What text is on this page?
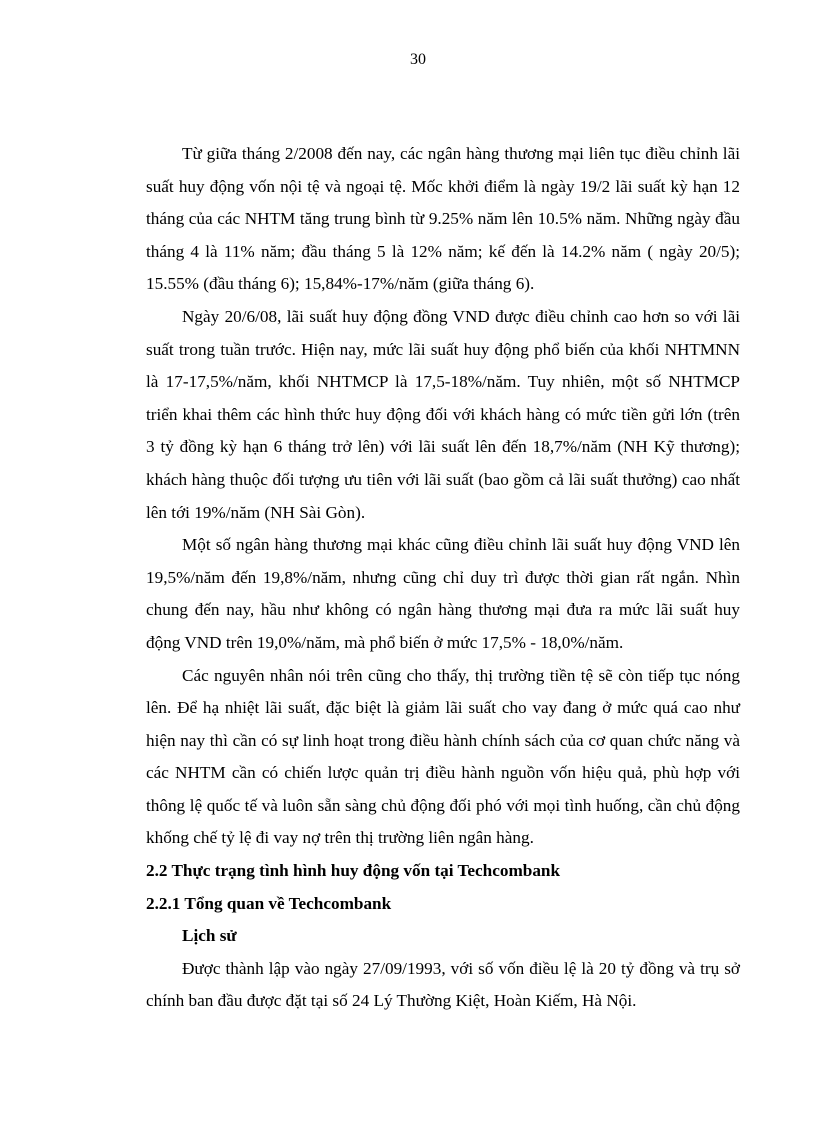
30

Từ giữa tháng 2/2008 đến nay, các ngân hàng thương mại liên tục điều chỉnh lãi suất huy động vốn nội tệ và ngoại tệ. Mốc khởi điểm là ngày 19/2 lãi suất kỳ hạn 12 tháng của các NHTM tăng trung bình từ 9.25% năm lên 10.5% năm. Những ngày đầu tháng 4 là 11% năm; đầu tháng 5 là 12% năm; kế đến là 14.2% năm ( ngày 20/5); 15.55% (đầu tháng 6); 15,84%-17%/năm (giữa tháng 6).

Ngày 20/6/08, lãi suất huy động đồng VND được điều chỉnh cao hơn so với lãi suất trong tuần trước. Hiện nay, mức lãi suất huy động phổ biến của khối NHTMNN là 17-17,5%/năm, khối NHTMCP là 17,5-18%/năm. Tuy nhiên, một số NHTMCP triển khai thêm các hình thức huy động đối với khách hàng có mức tiền gửi lớn (trên 3 tỷ đồng kỳ hạn 6 tháng trở lên) với lãi suất lên đến 18,7%/năm (NH Kỹ thương); khách hàng thuộc đối tượng ưu tiên với lãi suất (bao gồm cả lãi suất thưởng) cao nhất lên tới 19%/năm (NH Sài Gòn).

Một số ngân hàng thương mại khác cũng điều chỉnh lãi suất huy động VND lên 19,5%/năm đến 19,8%/năm, nhưng cũng chỉ duy trì được thời gian rất ngắn. Nhìn chung đến nay, hầu như không có ngân hàng thương mại đưa ra mức lãi suất huy động VND trên 19,0%/năm, mà phổ biến ở mức 17,5% - 18,0%/năm.

Các nguyên nhân nói trên cũng cho thấy, thị trường tiền tệ sẽ còn tiếp tục nóng lên. Để hạ nhiệt lãi suất, đặc biệt là giảm lãi suất cho vay đang ở mức quá cao như hiện nay thì cần có sự linh hoạt trong điều hành chính sách của cơ quan chức năng và các NHTM cần có chiến lược quản trị điều hành nguồn vốn hiệu quả, phù hợp với thông lệ quốc tế và luôn sẵn sàng chủ động đối phó với mọi tình huống, cần chủ động khống chế tỷ lệ đi vay nợ trên thị trường liên ngân hàng.

2.2 Thực trạng tình hình huy động vốn tại Techcombank
2.2.1 Tổng quan về Techcombank
Lịch sử

Được thành lập vào ngày 27/09/1993, với số vốn điều lệ là 20 tỷ đồng và trụ sở chính ban đầu được đặt tại số 24 Lý Thường Kiệt, Hoàn Kiếm, Hà Nội.
